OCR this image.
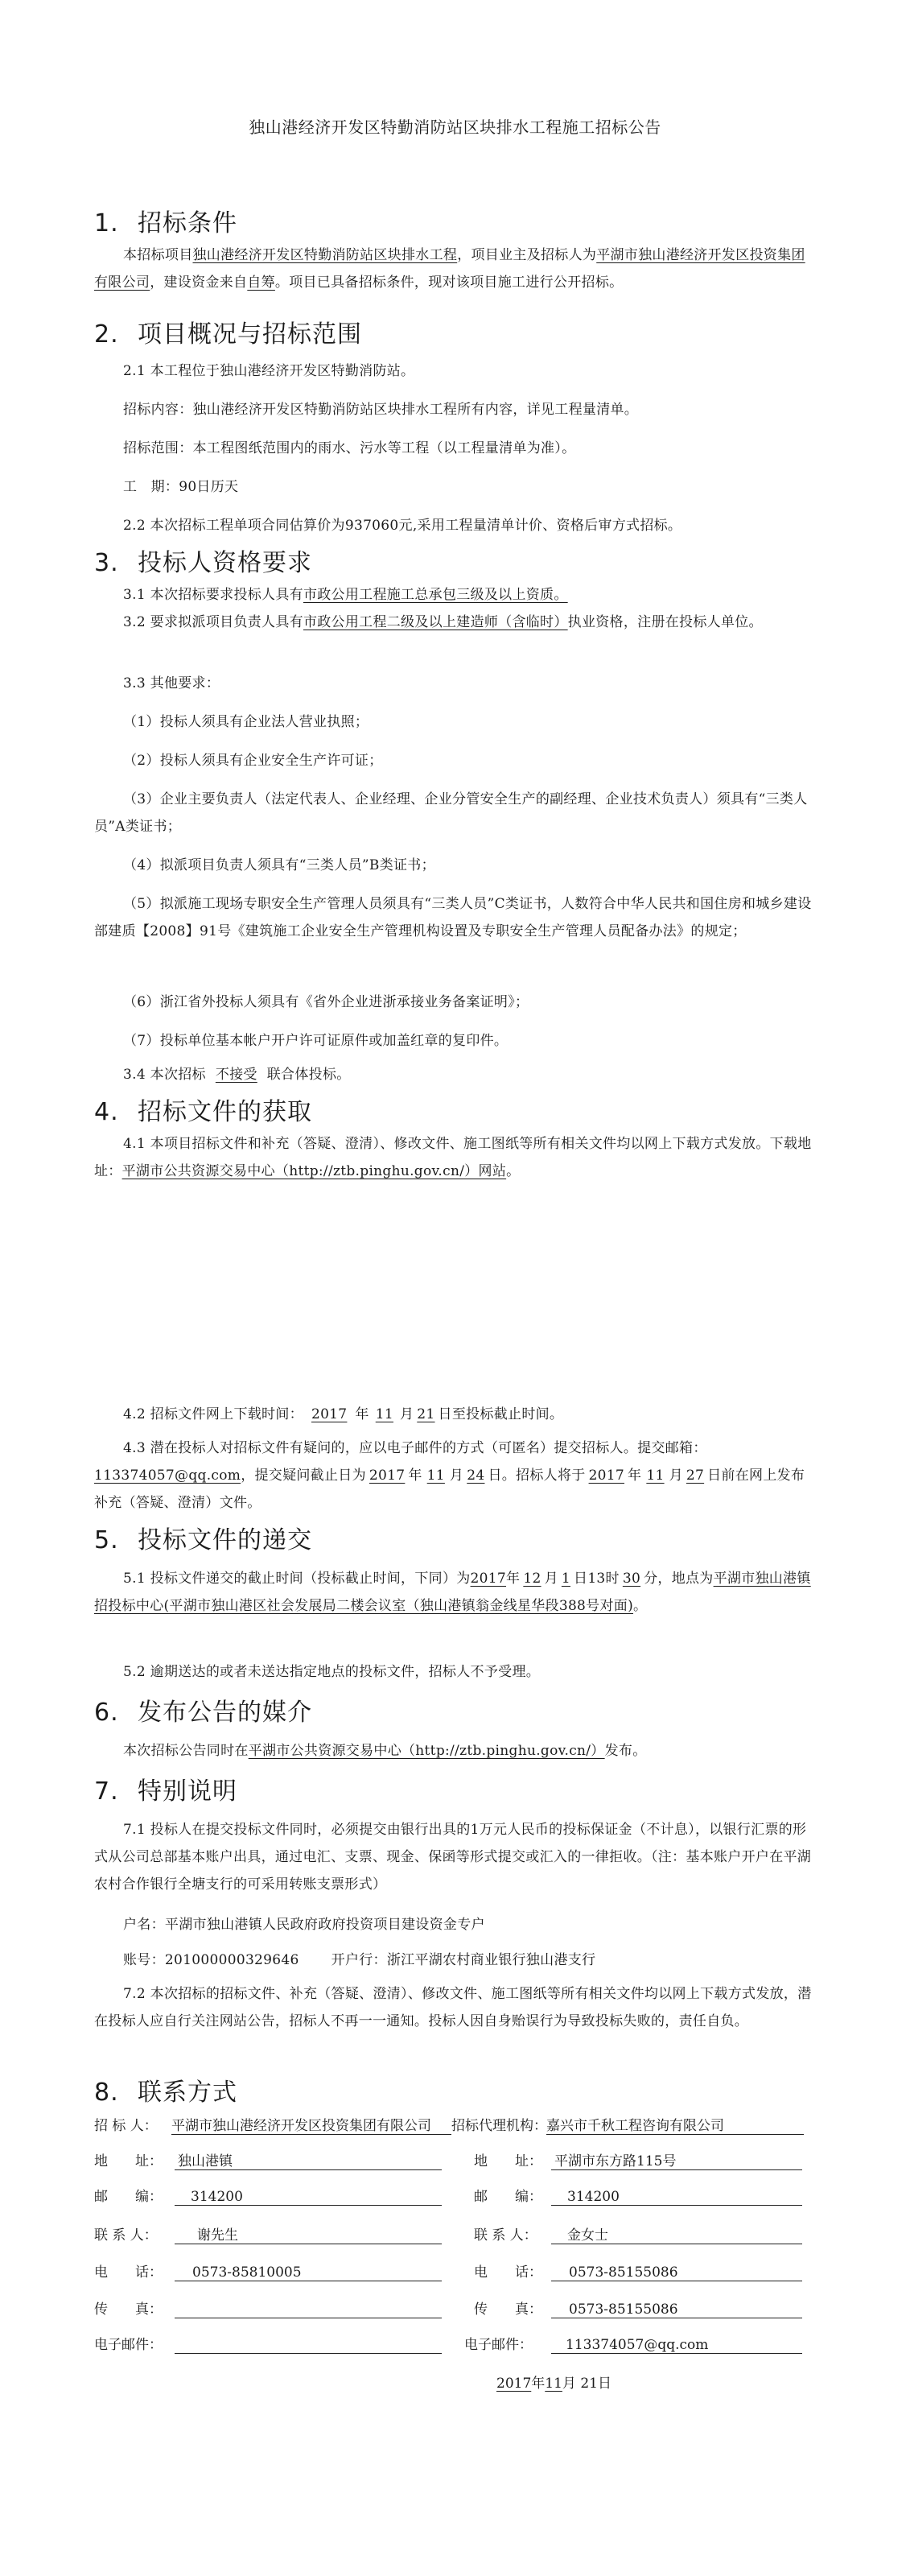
独山港经济开发区特勤消防站区块排水工程施工招标公告
1. 招标条件
本招标项目独山港经济开发区特勤消防站区块排水工程，项目业主及招标人为平湖市独山港经济开发区投资集团有限公司，建设资金来自自筹。项目已具备招标条件，现对该项目施工进行公开招标。
2. 项目概况与招标范围
2.1 本工程位于独山港经济开发区特勤消防站。
招标内容：独山港经济开发区特勤消防站区块排水工程所有内容，详见工程量清单。
招标范围：本工程图纸范围内的雨水、污水等工程（以工程量清单为准）。
工　期：90日历天
2.2 本次招标工程单项合同估算价为937060元,采用工程量清单计价、资格后审方式招标。
3. 投标人资格要求
3.1 本次招标要求投标人具有市政公用工程施工总承包三级及以上资质。
3.2 要求拟派项目负责人具有市政公用工程二级及以上建造师（含临时）执业资格，注册在投标人单位。
3.3 其他要求：
（1）投标人须具有企业法人营业执照；
（2）投标人须具有企业安全生产许可证；
（3）企业主要负责人（法定代表人、企业经理、企业分管安全生产的副经理、企业技术负责人）须具有“三类人员”A类证书；
（4）拟派项目负责人须具有“三类人员”B类证书；
（5）拟派施工现场专职安全生产管理人员须具有“三类人员”C类证书，人数符合中华人民共和国住房和城乡建设部建质【2008】91号《建筑施工企业安全生产管理机构设置及专职安全生产管理人员配备办法》的规定；
（6）浙江省外投标人须具有《省外企业进浙承接业务备案证明》；
（7）投标单位基本帐户开户许可证原件或加盖红章的复印件。
3.4 本次招标 不接受 联合体投标。
4. 招标文件的获取
4.1 本项目招标文件和补充（答疑、澄清）、修改文件、施工图纸等所有相关文件均以网上下载方式发放。下载地址：平湖市公共资源交易中心（http://ztb.pinghu.gov.cn/）网站。
4.2 招标文件网上下载时间： 2017 年 11 月 21 日至投标截止时间。
4.3 潜在投标人对招标文件有疑问的，应以电子邮件的方式（可匿名）提交招标人。提交邮箱：113374057@qq.com，提交疑问截止日为 2017 年 11 月 24 日。招标人将于 2017 年 11 月 27 日前在网上发布补充（答疑、澄清）文件。
5. 投标文件的递交
5.1 投标文件递交的截止时间（投标截止时间，下同）为2017年 12 月 1 日13时 30 分，地点为平湖市独山港镇招投标中心(平湖市独山港区社会发展局二楼会议室（独山港镇翁金线星华段388号对面)。
5.2 逾期送达的或者未送达指定地点的投标文件，招标人不予受理。
6. 发布公告的媒介
本次招标公告同时在平湖市公共资源交易中心（http://ztb.pinghu.gov.cn/）发布。
7. 特别说明
7.1 投标人在提交投标文件同时，必须提交由银行出具的1万元人民币的投标保证金（不计息），以银行汇票的形式从公司总部基本账户出具，通过电汇、支票、现金、保函等形式提交或汇入的一律拒收。（注：基本账户开户在平湖农村合作银行全塘支行的可采用转账支票形式）
户名：平湖市独山港镇人民政府政府投资项目建设资金专户
账号：201000000329646 开户行：浙江平湖农村商业银行独山港支行
7.2 本次招标的招标文件、补充（答疑、澄清）、修改文件、施工图纸等所有相关文件均以网上下载方式发放，潜在投标人应自行关注网站公告，招标人不再一一通知。投标人因自身贻误行为导致投标失败的，责任自负。
8. 联系方式
招 标 人： 平湖市独山港经济开发区投资集团有限公司 招标代理机构： 嘉兴市千秋工程咨询有限公司
地　　址： 独山港镇	地　　址： 平湖市东方路115号
邮　　编： 314200	邮　　编： 314200
联 系 人：	谢先生	联 系 人： 金女士
电　　话： 0573-85810005	电　　话： 0573-85155086
传　　真：	传　　真： 0573-85155086
电子邮件：	电子邮件： 113374057@qq.com
2017年11月 21日
